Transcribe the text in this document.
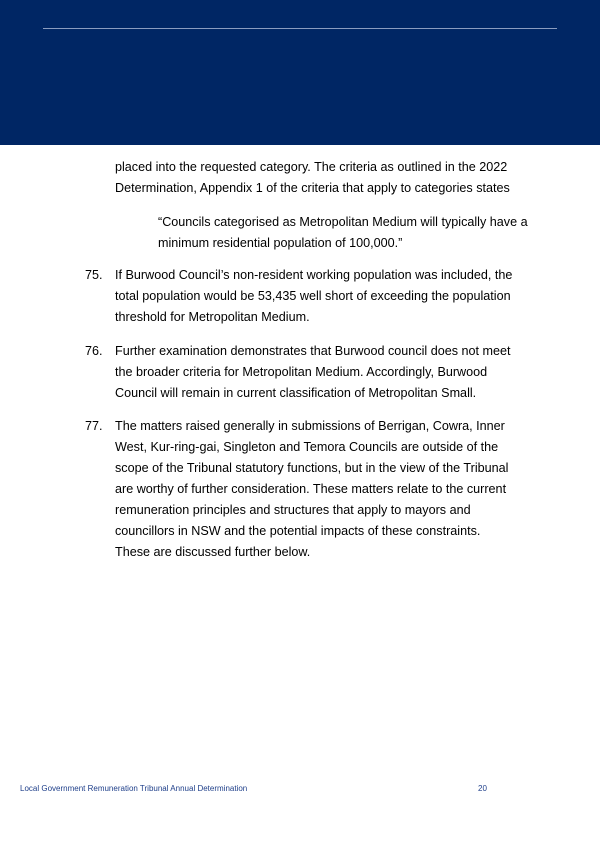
placed into the requested category. The criteria as outlined in the 2022 Determination, Appendix 1 of the criteria that apply to categories states

“Councils categorised as Metropolitan Medium will typically have a minimum residential population of 100,000.”

75. If Burwood Council’s non-resident working population was included, the total population would be 53,435 well short of exceeding the population threshold for Metropolitan Medium.

76. Further examination demonstrates that Burwood council does not meet the broader criteria for Metropolitan Medium. Accordingly, Burwood Council will remain in current classification of Metropolitan Small.

77. The matters raised generally in submissions of Berrigan, Cowra, Inner West, Kur-ring-gai, Singleton and Temora Councils are outside of the scope of the Tribunal statutory functions, but in the view of the Tribunal are worthy of further consideration. These matters relate to the current remuneration principles and structures that apply to mayors and councillors in NSW and the potential impacts of these constraints. These are discussed further below.

Local Government Remuneration Tribunal Annual Determination	20
